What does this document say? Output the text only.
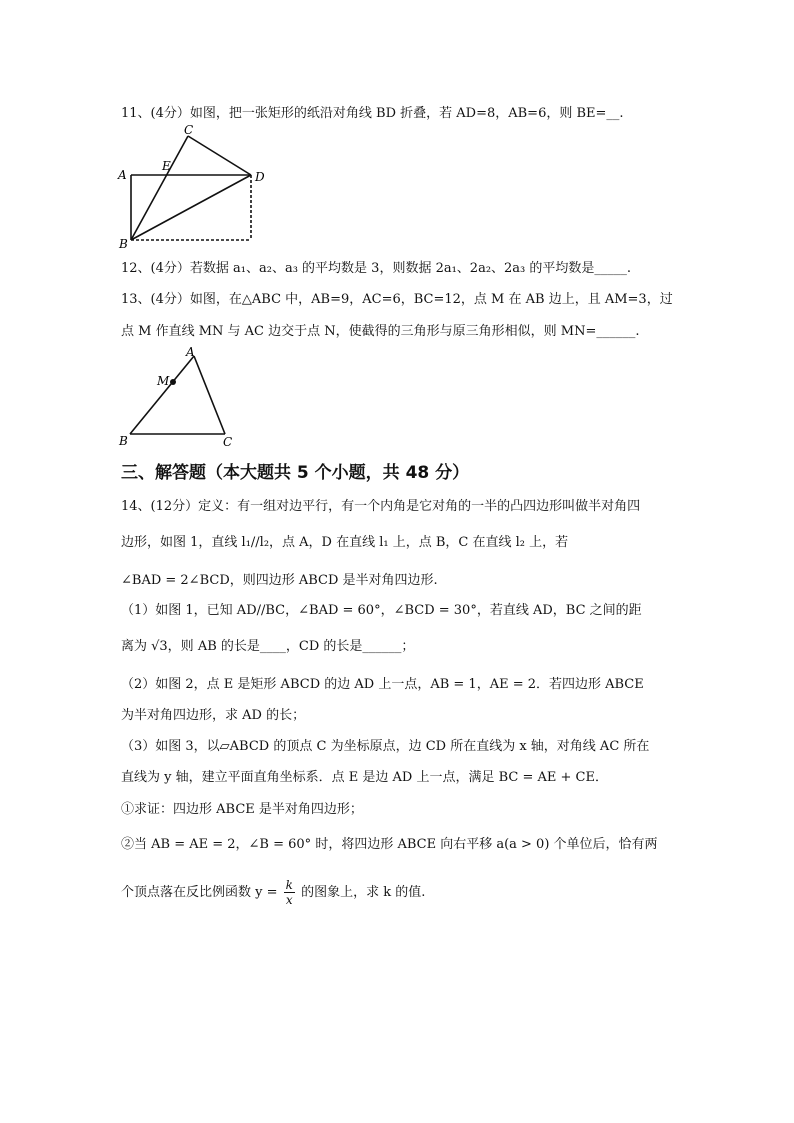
11、(4分）如图，把一张矩形的纸沿对角线 BD 折叠，若 AD=8，AB=6，则 BE=__.
A
B
C
D
E
12、(4分）若数据 a₁、a₂、a₃ 的平均数是 3，则数据 2a₁、2a₂、2a₃ 的平均数是_____.
13、(4分）如图，在△ABC 中，AB=9，AC=6，BC=12，点 M 在 AB 边上，且 AM=3，过
点 M 作直线 MN 与 AC 边交于点 N，使截得的三角形与原三角形相似，则 MN=______.
A
B	C
M
三、解答题（本大题共 5 个小题，共 48 分）
14、(12分）定义：有一组对边平行，有一个内角是它对角的一半的凸四边形叫做半对角四
边形，如图 1，直线 l₁//l₂，点 A，D 在直线 l₁ 上，点 B，C 在直线 l₂ 上，若
∠BAD = 2∠BCD，则四边形 ABCD 是半对角四边形.
（1）如图 1，已知 AD//BC，∠BAD = 60°，∠BCD = 30°，若直线 AD，BC 之间的距
离为 √3，则 AB 的长是____，CD 的长是______；
（2）如图 2，点 E 是矩形 ABCD 的边 AD 上一点，AB = 1，AE = 2．若四边形 ABCE
为半对角四边形，求 AD 的长；
（3）如图 3，以▱ABCD 的顶点 C 为坐标原点，边 CD 所在直线为 x 轴，对角线 AC 所在
直线为 y 轴，建立平面直角坐标系．点 E 是边 AD 上一点，满足 BC = AE + CE．
①求证：四边形 ABCE 是半对角四边形；
②当 AB = AE = 2，∠B = 60° 时，将四边形 ABCE 向右平移 a(a > 0) 个单位后，恰有两
个顶点落在反比例函数 $y = \frac{k}{x}$ 的图象上，求 k 的值.
